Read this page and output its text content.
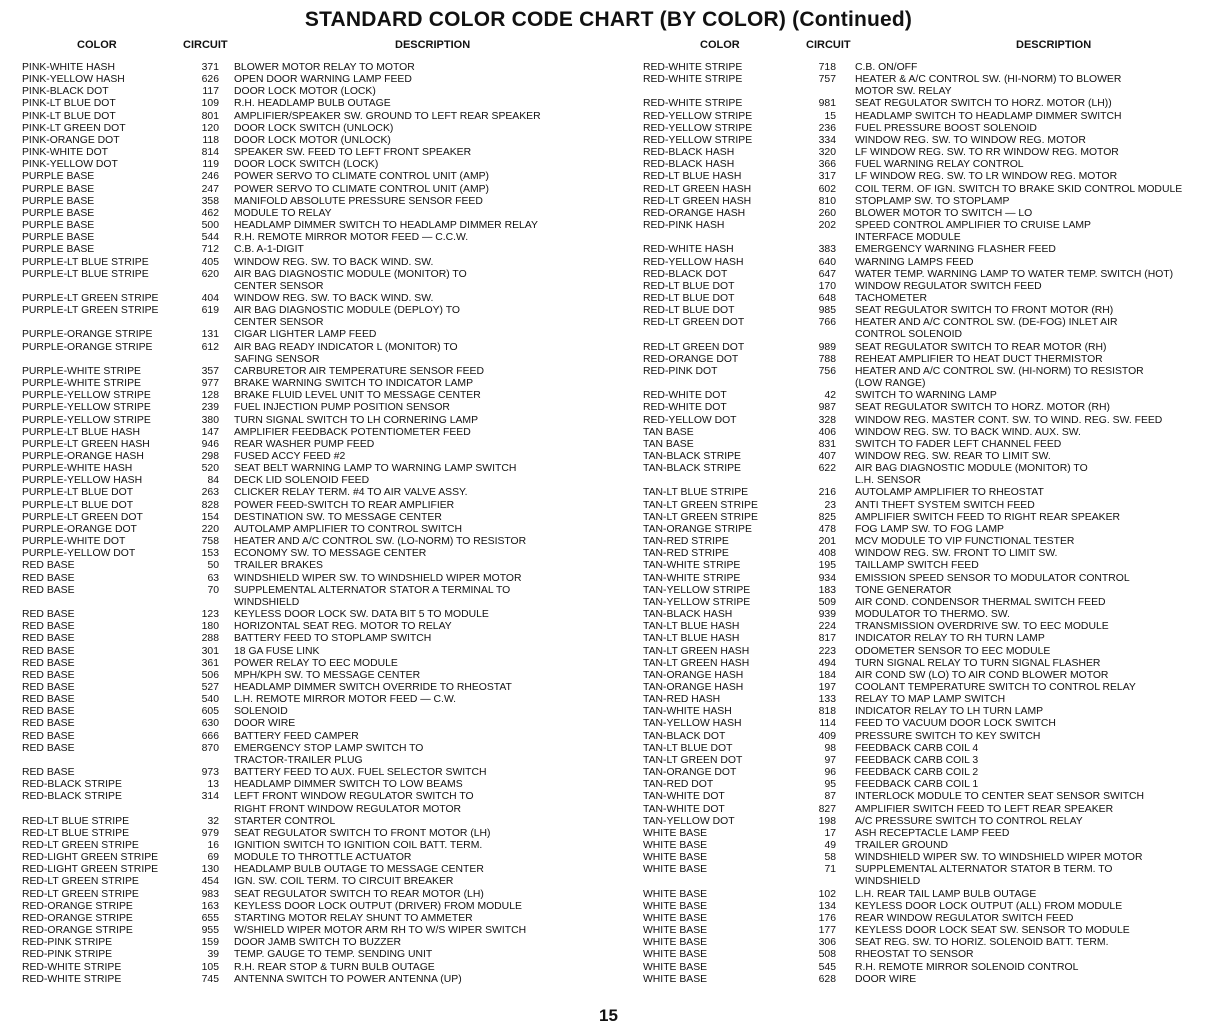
STANDARD COLOR CODE CHART (BY COLOR) (Continued)
COLOR	CIRCUIT	DESCRIPTION
PINK-WHITE HASH	371 BLOWER MOTOR RELAY TO MOTOR
PINK-YELLOW HASH	626 OPEN DOOR WARNING LAMP FEED
PINK-BLACK DOT	117 DOOR LOCK MOTOR (LOCK)
PINK-LT BLUE DOT	109 R.H. HEADLAMP BULB OUTAGE
PINK-LT BLUE DOT	801 AMPLIFIER/SPEAKER SW. GROUND TO LEFT REAR SPEAKER
PINK-LT GREEN DOT	120 DOOR LOCK SWITCH (UNLOCK)
PINK-ORANGE DOT	118 DOOR LOCK MOTOR (UNLOCK)
PINK-WHITE DOT	814 SPEAKER SW. FEED TO LEFT FRONT SPEAKER
PINK-YELLOW DOT	119 DOOR LOCK SWITCH (LOCK)
PURPLE BASE	246 POWER SERVO TO CLIMATE CONTROL UNIT (AMP)
PURPLE BASE	247 POWER SERVO TO CLIMATE CONTROL UNIT (AMP)
PURPLE BASE	358 MANIFOLD ABSOLUTE PRESSURE SENSOR FEED
PURPLE BASE	462 MODULE TO RELAY
PURPLE BASE	500 HEADLAMP DIMMER SWITCH TO HEADLAMP DIMMER RELAY
PURPLE BASE	544 R.H. REMOTE MIRROR MOTOR FEED — C.C.W.
PURPLE BASE	712 C.B. A-1-DIGIT
PURPLE-LT BLUE STRIPE	405 WINDOW REG. SW. TO BACK WIND. SW.
PURPLE-LT BLUE STRIPE	620 AIR BAG DIAGNOSTIC MODULE (MONITOR) TO
CENTER SENSOR
PURPLE-LT GREEN STRIPE	404 WINDOW REG. SW. TO BACK WIND. SW.
PURPLE-LT GREEN STRIPE	619 AIR BAG DIAGNOSTIC MODULE (DEPLOY) TO
CENTER SENSOR
PURPLE-ORANGE STRIPE	131 CIGAR LIGHTER LAMP FEED
PURPLE-ORANGE STRIPE	612 AIR BAG READY INDICATOR L (MONITOR) TO
SAFING SENSOR
PURPLE-WHITE STRIPE	357 CARBURETOR AIR TEMPERATURE SENSOR FEED
PURPLE-WHITE STRIPE	977 BRAKE WARNING SWITCH TO INDICATOR LAMP
PURPLE-YELLOW STRIPE	128 BRAKE FLUID LEVEL UNIT TO MESSAGE CENTER
PURPLE-YELLOW STRIPE	239 FUEL INJECTION PUMP POSITION SENSOR
PURPLE-YELLOW STRIPE	380 TURN SIGNAL SWITCH TO LH CORNERING LAMP
PURPLE-LT BLUE HASH	147 AMPLIFIER FEEDBACK POTENTIOMETER FEED
PURPLE-LT GREEN HASH	946 REAR WASHER PUMP FEED
PURPLE-ORANGE HASH	298 FUSED ACCY FEED #2
PURPLE-WHITE HASH	520 SEAT BELT WARNING LAMP TO WARNING LAMP SWITCH
PURPLE-YELLOW HASH	84 DECK LID SOLENOID FEED
PURPLE-LT BLUE DOT	263 CLICKER RELAY TERM. #4 TO AIR VALVE ASSY.
PURPLE-LT BLUE DOT	828 POWER FEED-SWITCH TO REAR AMPLIFIER
PURPLE-LT GREEN DOT	154 DESTINATION SW. TO MESSAGE CENTER
PURPLE-ORANGE DOT	220 AUTOLAMP AMPLIFIER TO CONTROL SWITCH
PURPLE-WHITE DOT	758 HEATER AND A/C CONTROL SW. (LO-NORM) TO RESISTOR
PURPLE-YELLOW DOT	153 ECONOMY SW. TO MESSAGE CENTER
RED BASE	50 TRAILER BRAKES
RED BASE	63 WINDSHIELD WIPER SW. TO WINDSHIELD WIPER MOTOR
RED BASE	70 SUPPLEMENTAL ALTERNATOR STATOR A TERMINAL TO
WINDSHIELD
RED BASE	123 KEYLESS DOOR LOCK SW. DATA BIT 5 TO MODULE
RED BASE	180 HORIZONTAL SEAT REG. MOTOR TO RELAY
RED BASE	288 BATTERY FEED TO STOPLAMP SWITCH
RED BASE	301 18 GA FUSE LINK
RED BASE	361 POWER RELAY TO EEC MODULE
RED BASE	506 MPH/KPH SW. TO MESSAGE CENTER
RED BASE	527 HEADLAMP DIMMER SWITCH OVERRIDE TO RHEOSTAT
RED BASE	540 L.H. REMOTE MIRROR MOTOR FEED — C.W.
RED BASE	605 SOLENOID
RED BASE	630 DOOR WIRE
RED BASE	666 BATTERY FEED CAMPER
RED BASE	870 EMERGENCY STOP LAMP SWITCH TO
TRACTOR-TRAILER PLUG
RED BASE	973 BATTERY FEED TO AUX. FUEL SELECTOR SWITCH
RED-BLACK STRIPE	13 HEADLAMP DIMMER SWITCH TO LOW BEAMS
RED-BLACK STRIPE	314 LEFT FRONT WINDOW REGULATOR SWITCH TO
RIGHT FRONT WINDOW REGULATOR MOTOR
RED-LT BLUE STRIPE	32 STARTER CONTROL
RED-LT BLUE STRIPE	979 SEAT REGULATOR SWITCH TO FRONT MOTOR (LH)
RED-LT GREEN STRIPE	16 IGNITION SWITCH TO IGNITION COIL BATT. TERM.
RED-LIGHT GREEN STRIPE	69 MODULE TO THROTTLE ACTUATOR
RED-LIGHT GREEN STRIPE	130 HEADLAMP BULB OUTAGE TO MESSAGE CENTER
RED-LT GREEN STRIPE	454 IGN. SW. COIL TERM. TO CIRCUIT BREAKER
RED-LT GREEN STRIPE	983 SEAT REGULATOR SWITCH TO REAR MOTOR (LH)
RED-ORANGE STRIPE	163 KEYLESS DOOR LOCK OUTPUT (DRIVER) FROM MODULE
RED-ORANGE STRIPE	655 STARTING MOTOR RELAY SHUNT TO AMMETER
RED-ORANGE STRIPE	955 W/SHIELD WIPER MOTOR ARM RH TO W/S WIPER SWITCH
RED-PINK STRIPE	159 DOOR JAMB SWITCH TO BUZZER
RED-PINK STRIPE	39 TEMP. GAUGE TO TEMP. SENDING UNIT
RED-WHITE STRIPE	105 R.H. REAR STOP & TURN BULB OUTAGE
RED-WHITE STRIPE	745 ANTENNA SWITCH TO POWER ANTENNA (UP)
COLOR	CIRCUIT	DESCRIPTION
RED-WHITE STRIPE	718 C.B. ON/OFF
RED-WHITE STRIPE	757 HEATER & A/C CONTROL SW. (HI-NORM) TO BLOWER
MOTOR SW. RELAY
RED-WHITE STRIPE	981 SEAT REGULATOR SWITCH TO HORZ. MOTOR (LH))
RED-YELLOW STRIPE	15 HEADLAMP SWITCH TO HEADLAMP DIMMER SWITCH
RED-YELLOW STRIPE	236 FUEL PRESSURE BOOST SOLENOID
RED-YELLOW STRIPE	334 WINDOW REG. SW. TO WINDOW REG. MOTOR
RED-BLACK HASH	320 LF WINDOW REG. SW. TO RR WINDOW REG. MOTOR
RED-BLACK HASH	366 FUEL WARNING RELAY CONTROL
RED-LT BLUE HASH	317 LF WINDOW REG. SW. TO LR WINDOW REG. MOTOR
RED-LT GREEN HASH	602 COIL TERM. OF IGN. SWITCH TO BRAKE SKID CONTROL MODULE
RED-LT GREEN HASH	810 STOPLAMP SW. TO STOPLAMP
RED-ORANGE HASH	260 BLOWER MOTOR TO SWITCH — LO
RED-PINK HASH	202 SPEED CONTROL AMPLIFIER TO CRUISE LAMP
INTERFACE MODULE
RED-WHITE HASH	383 EMERGENCY WARNING FLASHER FEED
RED-YELLOW HASH	640 WARNING LAMPS FEED
RED-BLACK DOT	647 WATER TEMP. WARNING LAMP TO WATER TEMP. SWITCH (HOT)
RED-LT BLUE DOT	170 WINDOW REGULATOR SWITCH FEED
RED-LT BLUE DOT	648 TACHOMETER
RED-LT BLUE DOT	985 SEAT REGULATOR SWITCH TO FRONT MOTOR (RH)
RED-LT GREEN DOT	766 HEATER AND A/C CONTROL SW. (DE-FOG) INLET AIR
CONTROL SOLENOID
RED-LT GREEN DOT	989 SEAT REGULATOR SWITCH TO REAR MOTOR (RH)
RED-ORANGE DOT	788 REHEAT AMPLIFIER TO HEAT DUCT THERMISTOR
RED-PINK DOT	756 HEATER AND A/C CONTROL SW. (HI-NORM) TO RESISTOR
(LOW RANGE)
RED-WHITE DOT	42 SWITCH TO WARNING LAMP
RED-WHITE DOT	987 SEAT REGULATOR SWITCH TO HORZ. MOTOR (RH)
RED-YELLOW DOT	328 WINDOW REG. MASTER CONT. SW. TO WIND. REG. SW. FEED
TAN BASE	406 WINDOW REG. SW. TO BACK WIND. AUX. SW.
TAN BASE	831 SWITCH TO FADER LEFT CHANNEL FEED
TAN-BLACK STRIPE	407 WINDOW REG. SW. REAR TO LIMIT SW.
TAN-BLACK STRIPE	622 AIR BAG DIAGNOSTIC MODULE (MONITOR) TO
L.H. SENSOR
TAN-LT BLUE STRIPE	216 AUTOLAMP AMPLIFIER TO RHEOSTAT
TAN-LT GREEN STRIPE	23 ANTI THEFT SYSTEM SWITCH FEED
TAN-LT GREEN STRIPE	825 AMPLIFIER SWITCH FEED TO RIGHT REAR SPEAKER
TAN-ORANGE STRIPE	478 FOG LAMP SW. TO FOG LAMP
TAN-RED STRIPE	201 MCV MODULE TO VIP FUNCTIONAL TESTER
TAN-RED STRIPE	408 WINDOW REG. SW. FRONT TO LIMIT SW.
TAN-WHITE STRIPE	195 TAILLAMP SWITCH FEED
TAN-WHITE STRIPE	934 EMISSION SPEED SENSOR TO MODULATOR CONTROL
TAN-YELLOW STRIPE	183 TONE GENERATOR
TAN-YELLOW STRIPE	509 AIR COND. CONDENSOR THERMAL SWITCH FEED
TAN-BLACK HASH	939 MODULATOR TO THERMO. SW.
TAN-LT BLUE HASH	224 TRANSMISSION OVERDRIVE SW. TO EEC MODULE
TAN-LT BLUE HASH	817 INDICATOR RELAY TO RH TURN LAMP
TAN-LT GREEN HASH	223 ODOMETER SENSOR TO EEC MODULE
TAN-LT GREEN HASH	494 TURN SIGNAL RELAY TO TURN SIGNAL FLASHER
TAN-ORANGE HASH	184 AIR COND SW (LO) TO AIR COND BLOWER MOTOR
TAN-ORANGE HASH	197 COOLANT TEMPERATURE SWITCH TO CONTROL RELAY
TAN-RED HASH	133 RELAY TO MAP LAMP SWITCH
TAN-WHITE HASH	818 INDICATOR RELAY TO LH TURN LAMP
TAN-YELLOW HASH	114 FEED TO VACUUM DOOR LOCK SWITCH
TAN-BLACK DOT	409 PRESSURE SWITCH TO KEY SWITCH
TAN-LT BLUE DOT	98 FEEDBACK CARB COIL 4
TAN-LT GREEN DOT	97 FEEDBACK CARB COIL 3
TAN-ORANGE DOT	96 FEEDBACK CARB COIL 2
TAN-RED DOT	95 FEEDBACK CARB COIL 1
TAN-WHITE DOT	87 INTERLOCK MODULE TO CENTER SEAT SENSOR SWITCH
TAN-WHITE DOT	827 AMPLIFIER SWITCH FEED TO LEFT REAR SPEAKER
TAN-YELLOW DOT	198 A/C PRESSURE SWITCH TO CONTROL RELAY
WHITE BASE	17 ASH RECEPTACLE LAMP FEED
WHITE BASE	49 TRAILER GROUND
WHITE BASE	58 WINDSHIELD WIPER SW. TO WINDSHIELD WIPER MOTOR
WHITE BASE	71 SUPPLEMENTAL ALTERNATOR STATOR B TERM. TO
WINDSHIELD
WHITE BASE	102 L.H. REAR TAIL LAMP BULB OUTAGE
WHITE BASE	134 KEYLESS DOOR LOCK OUTPUT (ALL) FROM MODULE
WHITE BASE	176 REAR WINDOW REGULATOR SWITCH FEED
WHITE BASE	177 KEYLESS DOOR LOCK SEAT SW. SENSOR TO MODULE
WHITE BASE	306 SEAT REG. SW. TO HORIZ. SOLENOID BATT. TERM.
WHITE BASE	508 RHEOSTAT TO SENSOR
WHITE BASE	545 R.H. REMOTE MIRROR SOLENOID CONTROL
WHITE BASE	628 DOOR WIRE
15
